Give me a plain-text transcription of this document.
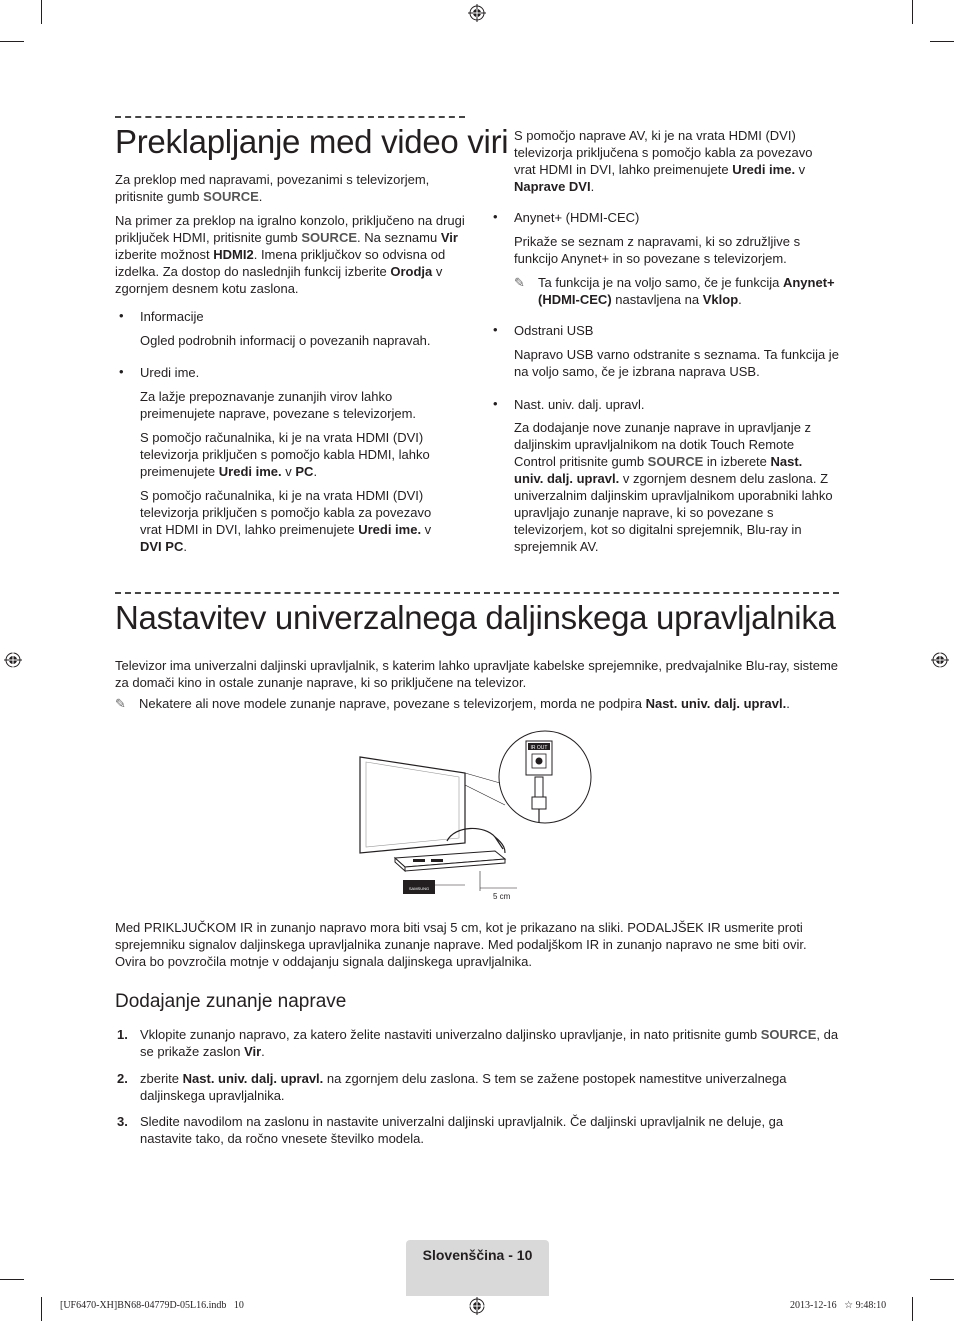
Preklapljanje med video viri
Za preklop med napravami, povezanimi s televizorjem, pritisnite gumb SOURCE.
Na primer za preklop na igralno konzolo, priključeno na drugi priključek HDMI, pritisnite gumb SOURCE. Na seznamu Vir izberite možnost HDMI2. Imena priključkov so odvisna od izdelka. Za dostop do naslednjih funkcij izberite Orodja v zgornjem desnem kotu zaslona.
• Informacije
Ogled podrobnih informacij o povezanih napravah.
• Uredi ime.
Za lažje prepoznavanje zunanjih virov lahko preimenujete naprave, povezane s televizorjem.
S pomočjo računalnika, ki je na vrata HDMI (DVI) televizorja priključen s pomočjo kabla HDMI, lahko preimenujete Uredi ime. v PC.
S pomočjo računalnika, ki je na vrata HDMI (DVI) televizorja priključen s pomočjo kabla za povezavo vrat HDMI in DVI, lahko preimenujete Uredi ime. v DVI PC.
S pomočjo naprave AV, ki je na vrata HDMI (DVI) televizorja priključena s pomočjo kabla za povezavo vrat HDMI in DVI, lahko preimenujete Uredi ime. v Naprave DVI.
• Anynet+ (HDMI-CEC)
Prikaže se seznam z napravami, ki so združljive s funkcijo Anynet+ in so povezane s televizorjem.
✎	Ta funkcija je na voljo samo, če je funkcija Anynet+ (HDMI-CEC) nastavljena na Vklop.
• Odstrani USB
Napravo USB varno odstranite s seznama. Ta funkcija je na voljo samo, če je izbrana naprava USB.
• Nast. univ. dalj. upravl.
Za dodajanje nove zunanje naprave in upravljanje z daljinskim upravljalnikom na dotik Touch Remote Control pritisnite gumb SOURCE in izberete Nast. univ. dalj. upravl. v zgornjem desnem delu zaslona. Z univerzalnim daljinskim upravljalnikom uporabniki lahko upravljajo zunanje naprave, ki so povezane s televizorjem, kot so digitalni sprejemnik, Blu-ray in sprejemnik AV.
Nastavitev univerzalnega daljinskega upravljalnika
Televizor ima univerzalni daljinski upravljalnik, s katerim lahko upravljate kabelske sprejemnike, predvajalnike Blu-ray, sisteme za domači kino in ostale zunanje naprave, ki so priključene na televizor.
✎	Nekatere ali nove modele zunanje naprave, povezane s televizorjem, morda ne podpira Nast. univ. dalj. upravl..
IR OUT
SAMSUNG
5 cm
Med PRIKLJUČKOM IR in zunanjo napravo mora biti vsaj 5 cm, kot je prikazano na sliki. PODALJŠEK IR usmerite proti sprejemniku signalov daljinskega upravljalnika zunanje naprave. Med podaljškom IR in zunanjo napravo ne sme biti ovir. Ovira bo povzročila motnje v oddajanju signala daljinskega upravljalnika.
Dodajanje zunanje naprave
1. Vklopite zunanjo napravo, za katero želite nastaviti univerzalno daljinsko upravljanje, in nato pritisnite gumb SOURCE, da se prikaže zaslon Vir.
2. zberite Nast. univ. dalj. upravl. na zgornjem delu zaslona. S tem se zažene postopek namestitve univerzalnega daljinskega upravljalnika.
3. Sledite navodilom na zaslonu in nastavite univerzalni daljinski upravljalnik. Če daljinski upravljalnik ne deluje, ga nastavite tako, da ročno vnesete številko modela.
Slovenščina - 10
[UF6470-XH]BN68-04779D-05L16.indb   10	2013-12-16   ☆ 9:48:10
